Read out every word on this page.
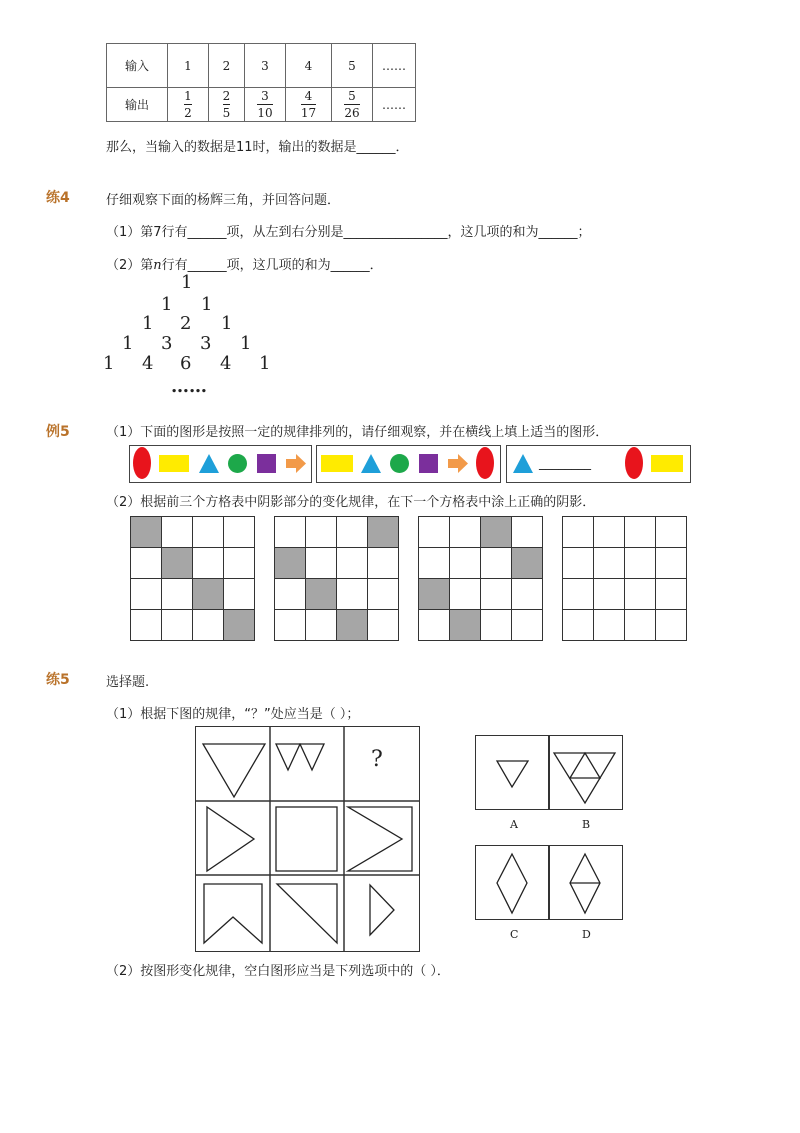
输入	1	2	3	4	5	……
输出	$\frac{1}{2}$	$\frac{2}{5}$	$\frac{3}{10}$	$\frac{4}{17}$	$\frac{5}{26}$	……
那么，当输入的数据是11时，输出的数据是______．
练4	仔细观察下面的杨辉三角，并回答问题．
（1）第7行有______项，从左到右分别是________________，这几项的和为______；
（2）第n行有______项，这几项的和为______．
1
1 1
1 2 1
1 3 3 1
1 4 6 4 1
……
例5	（1）下面的图形是按照一定的规律排列的，请仔细观察，并在横线上填上适当的图形．
________
（2）根据前三个方格表中阴影部分的变化规律，在下一个方格表中涂上正确的阴影．
练5	选择题.
（1）根据下图的规律，“？”处应当是（ ）；
?
A	B
C	D
（2）按图形变化规律，空白图形应当是下列选项中的（ ）．
